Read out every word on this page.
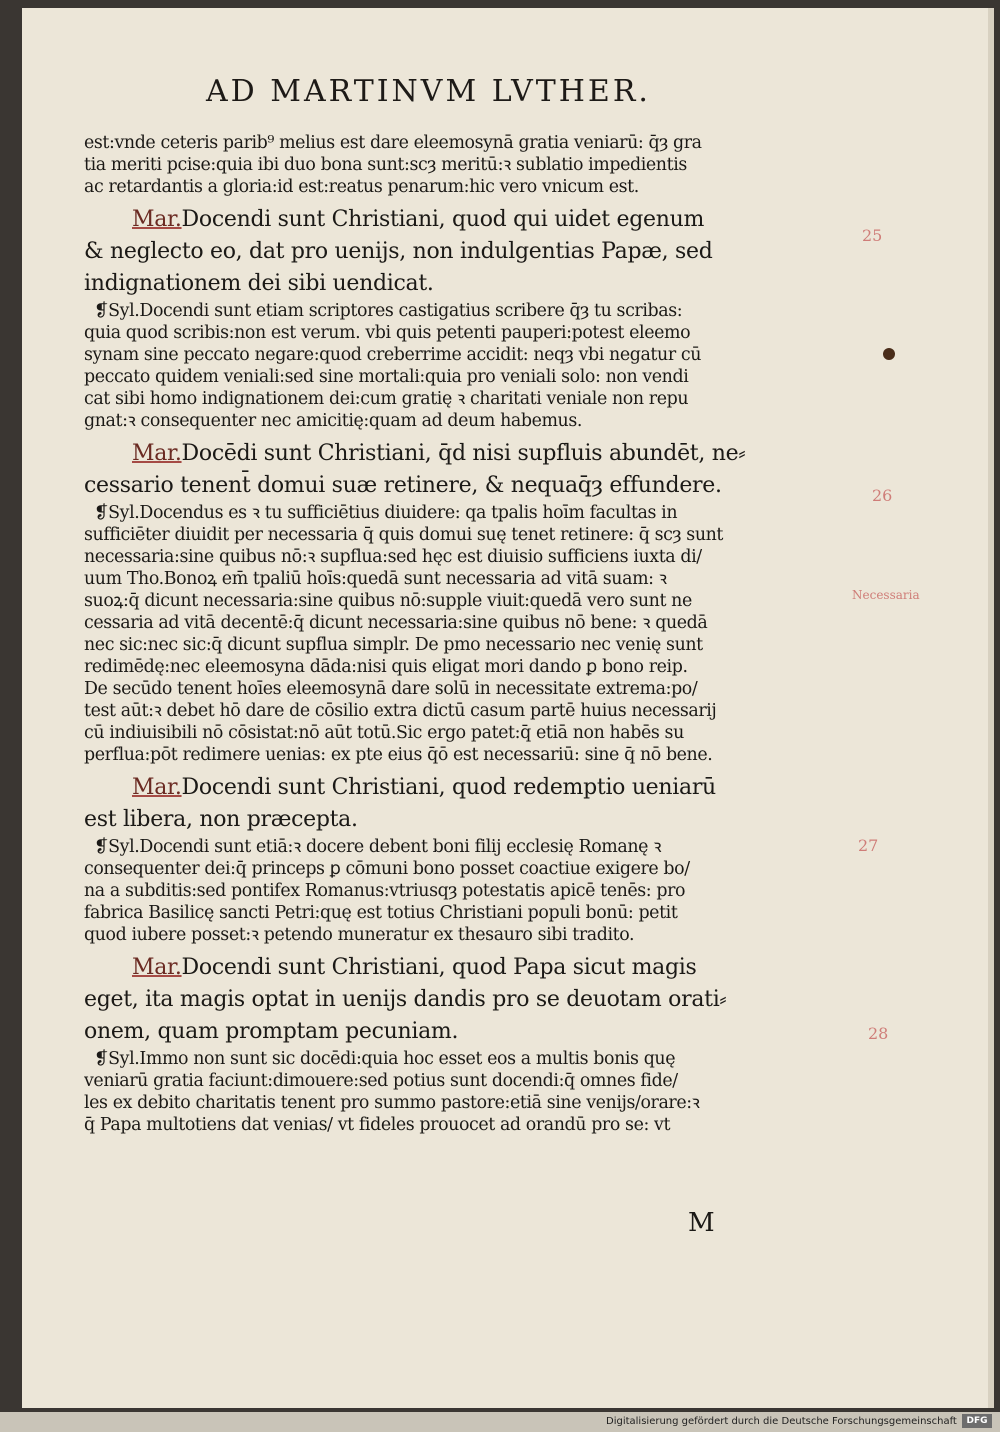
AD MARTINVM LVTHER.

est:vnde ceteris parib⁹ melius est dare eleemosynā gratia veniarū: q̄ȝ gra

tia meriti pcise:quia ibi duo bona sunt:scȝ meritū:ꝛ sublatio impedientis

ac retardantis a gloria:id est:reatus penarum:hic vero vnicum est.

Mar.Docendi sunt Christiani, quod qui uidet egenum

& neglecto eo, dat pro uenijs, non indulgentias Papæ, sed

indignationem dei sibi uendicat.

❡Syl.Docendi sunt etiam scriptores castigatius scribere q̄ȝ tu scribas:

quia quod scribis:non est verum. vbi quis petenti pauperi:potest eleemo

synam sine peccato negare:quod creberrime accidit: neqȝ vbi negatur cū

peccato quidem veniali:sed sine mortali:quia pro veniali solo: non vendi

cat sibi homo indignationem dei:cum gratię ꝛ charitati veniale non repu

gnat:ꝛ consequenter nec amicitię:quam ad deum habemus.

Mar.Docēdi sunt Christiani, q̄d nisi supfluis abundēt, ne⸗

cessario tenent̄ domui suæ retinere, & nequaq̄ȝ effundere.

❡Syl.Docendus es ꝛ tu sufficiētius diuidere: qa tpalis hoīm facultas in

sufficiēter diuidit̄ per necessaria q̄ quis domui suę tenet̄ retinere: q̄ scȝ sunt

necessaria:sine quibus nō:ꝛ supflua:sed hęc est diuisio sufficiens iuxta di/

uum Tho.Bonoꝝ em̄ tpaliū hoīs:quedā sunt necessaria ad vitā suam: ꝛ

suoꝝ:q̄ dicunt̄ necessaria:sine quibus nō:supple viuit̄:quedā vero sunt ne

cessaria ad vitā decentē:q̄ dicunt̄ necessaria:sine quibus nō bene: ꝛ quedā

nec sic:nec sic:q̄ dicunt̄ supflua simplr. De pmo necessario nec venię sunt

redimēdę:nec eleemosyna dāda:nisi quis eligat mori dando ꝑ bono reip.

De secūdo tenent̄ hoīes eleemosynā dare solū in necessitate extrema:po/

test aūt:ꝛ debet hō dare de cōsilio extra dictū casum partē huius necessarij

cū indiuisibili nō cōsistat:nō aūt totū.Sic ergo patet:q̄ etiā non habēs su

perflua:pōt redimere uenias: ex pte eius q̄ō est necessariū: sine q̄ nō bene.

Mar.Docendi sunt Christiani, quod redemptio ueniarū

est libera, non præcepta.

❡Syl.Docendi sunt etiā:ꝛ docere debent boni filij ecclesię Romanę ꝛ

consequenter dei:q̄ princeps ꝑ cōmuni bono posset coactiue exigere bo/

na a subditis:sed pontifex Romanus:vtriusqȝ potestatis apicē tenēs: pro

fabrica Basilicę sancti Petri:quę est totius Christiani populi bonū: petit

quod iubere posset:ꝛ petendo muneratur ex thesauro sibi tradito.

Mar.Docendi sunt Christiani, quod Papa sicut magis

eget, ita magis optat in uenijs dandis pro se deuotam orati⸗

onem, quam promptam pecuniam.

❡Syl.Immo non sunt sic docēdi:quia hoc esset eos a multis bonis quę

veniarū gratia faciunt:dimouere:sed potius sunt docendi:q̄ omnes fide/

les ex debito charitatis tenent̄ pro summo pastore:etiā sine venijs/orare:ꝛ

q̄ Papa multotiens dat venias/ vt fideles prouocet ad orandū pro se: vt

M
25
26
Necessaria
27
28
Digitalisierung gefördert durch die Deutsche Forschungsgemeinschaft	DFG
